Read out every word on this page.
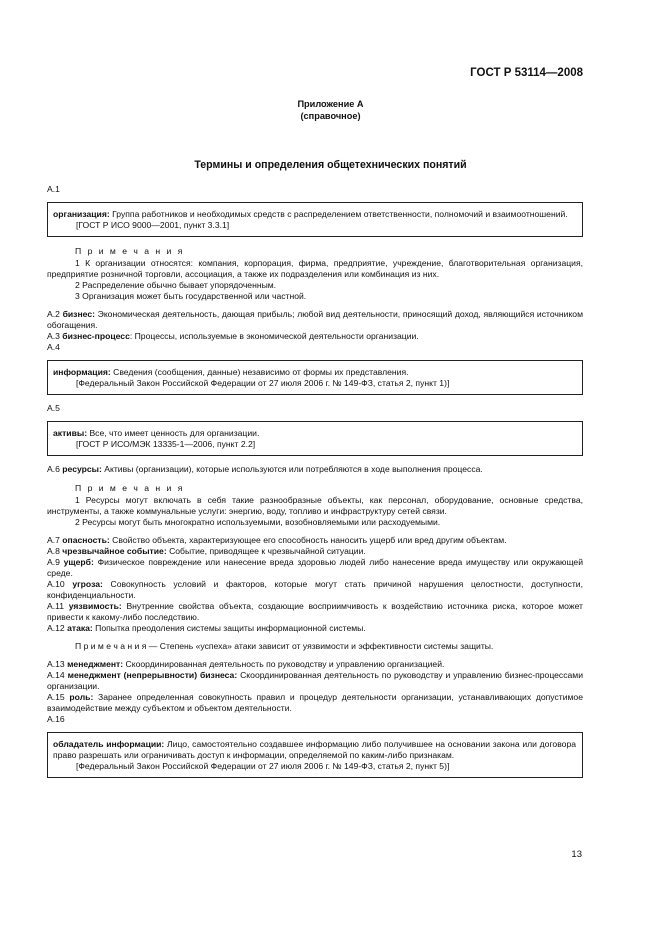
ГОСТ Р 53114—2008
Приложение А
(справочное)
Термины и определения общетехнических понятий

А.1

организация: Группа работников и необходимых средств с распределением ответственности, полномочий и взаимоотношений.

[ГОСТ Р ИСО 9000—2001, пункт 3.3.1]

П р и м е ч а н и я

1 К организации относятся: компания, корпорация, фирма, предприятие, учреждение, благотворительная организация, предприятие розничной торговли, ассоциация, а также их подразделения или комбинация из них.

2 Распределение обычно бывает упорядоченным.

3 Организация может быть государственной или частной.

А.2 бизнес: Экономическая деятельность, дающая прибыль; любой вид деятельности, приносящий доход, являющийся источником обогащения.

А.3 бизнес-процесс: Процессы, используемые в экономической деятельности организации.

А.4

информация: Сведения (сообщения, данные) независимо от формы их представления.

[Федеральный Закон Российской Федерации от 27 июля 2006 г. № 149-ФЗ, статья 2, пункт 1)]

А.5

активы: Все, что имеет ценность для организации.

[ГОСТ Р ИСО/МЭК 13335-1—2006, пункт 2.2]

А.6 ресурсы: Активы (организации), которые используются или потребляются в ходе выполнения процесса.

П р и м е ч а н и я

1 Ресурсы могут включать в себя такие разнообразные объекты, как персонал, оборудование, основные средства, инструменты, а также коммунальные услуги: энергию, воду, топливо и инфраструктуру сетей связи.

2 Ресурсы могут быть многократно используемыми, возобновляемыми или расходуемыми.

А.7 опасность: Свойство объекта, характеризующее его способность наносить ущерб или вред другим объектам.

А.8 чрезвычайное событие: Событие, приводящее к чрезвычайной ситуации.

А.9 ущерб: Физическое повреждение или нанесение вреда здоровью людей либо нанесение вреда имуществу или окружающей среде.

А.10 угроза: Совокупность условий и факторов, которые могут стать причиной нарушения целостности, доступности, конфиденциальности.

А.11 уязвимость: Внутренние свойства объекта, создающие восприимчивость к воздействию источника риска, которое может привести к какому-либо последствию.

А.12 атака: Попытка преодоления системы защиты информационной системы.

П р и м е ч а н и я — Степень «успеха» атаки зависит от уязвимости и эффективности системы защиты.

А.13 менеджмент: Скоординированная деятельность по руководству и управлению организацией.

А.14 менеджмент (непрерывности) бизнеса: Скоординированная деятельность по руководству и управлению бизнес-процессами организации.

А.15 роль: Заранее определенная совокупность правил и процедур деятельности организации, устанавливающих допустимое взаимодействие между субъектом и объектом деятельности.

А.16

обладатель информации: Лицо, самостоятельно создавшее информацию либо получившее на основании закона или договора право разрешать или ограничивать доступ к информации, определяемой по каким-либо признакам.

[Федеральный Закон Российской Федерации от 27 июля 2006 г. № 149-ФЗ, статья 2, пункт 5)]

13
